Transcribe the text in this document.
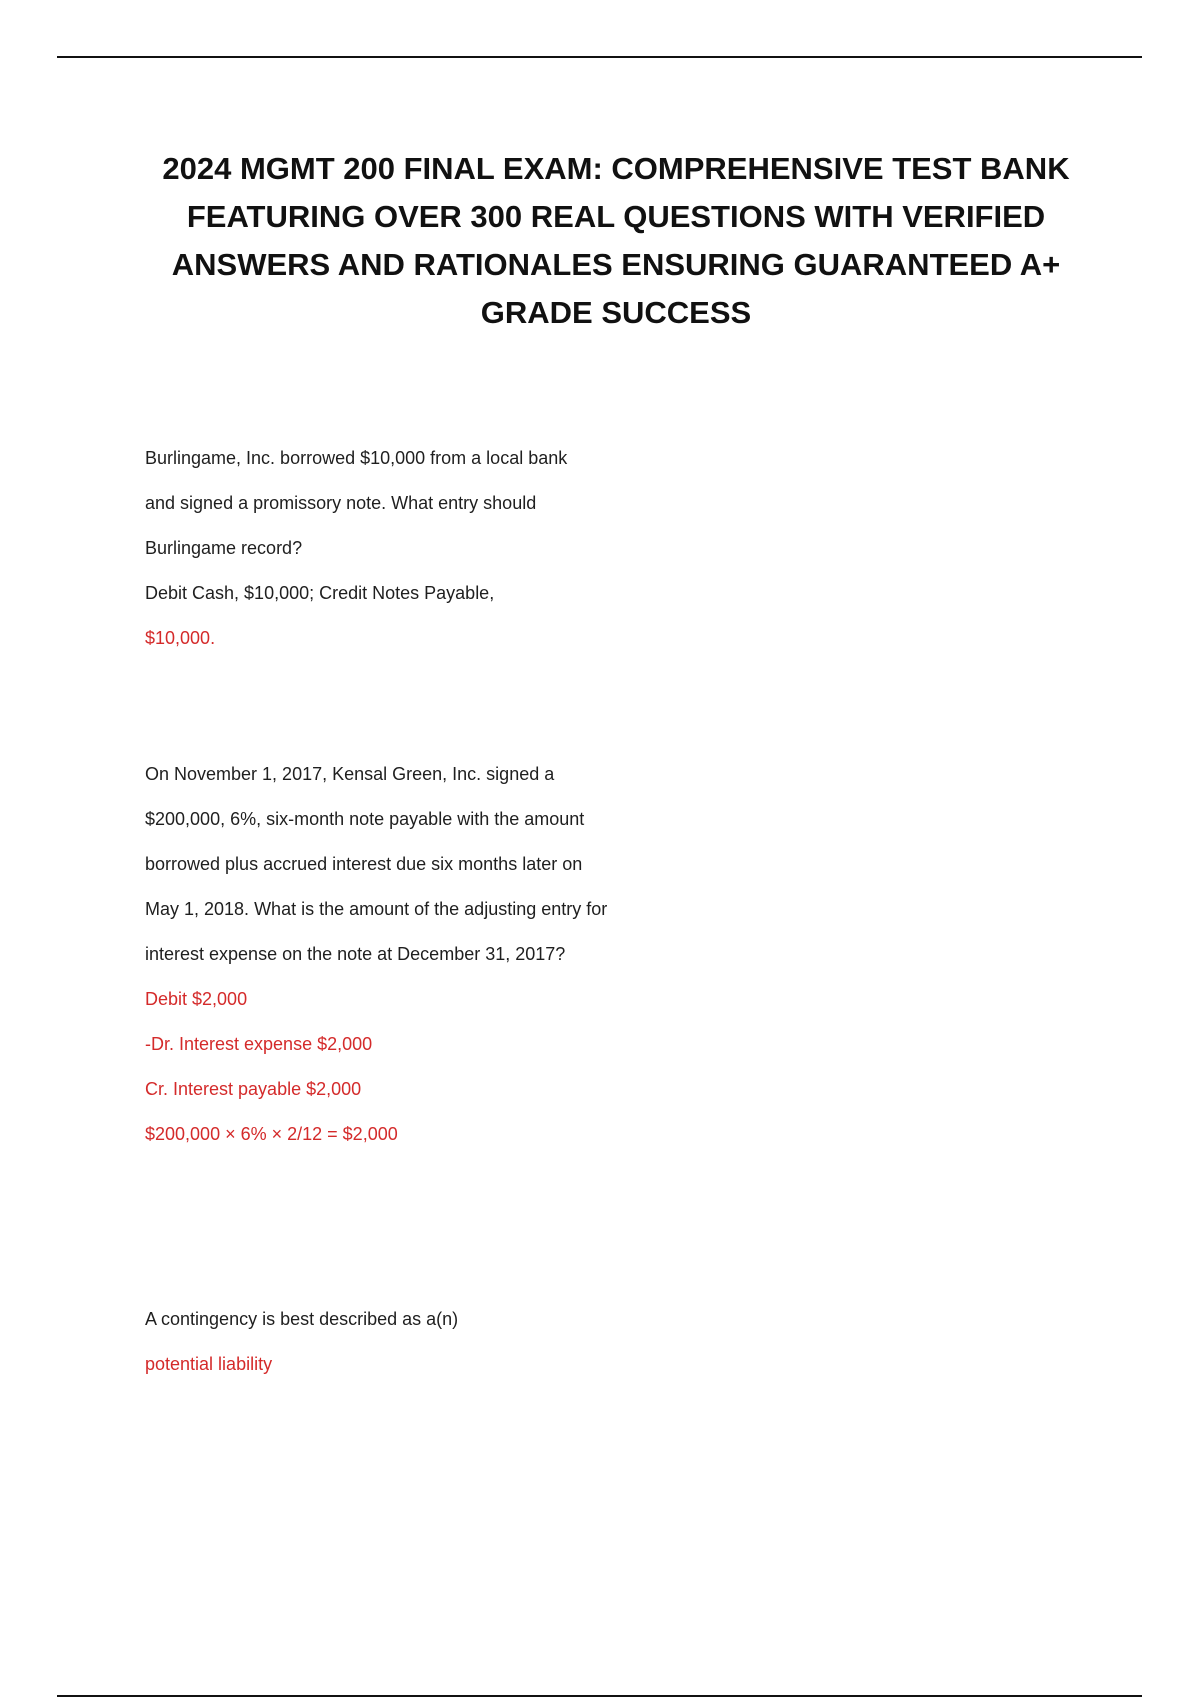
2024 MGMT 200 FINAL EXAM: COMPREHENSIVE TEST BANK FEATURING OVER 300 REAL QUESTIONS WITH VERIFIED ANSWERS AND RATIONALES ENSURING GUARANTEED A+ GRADE SUCCESS
Burlingame, Inc. borrowed $10,000 from a local bank
and signed a promissory note. What entry should
Burlingame record?
Debit Cash, $10,000; Credit Notes Payable,
$10,000.
On November 1, 2017, Kensal Green, Inc. signed a
$200,000, 6%, six-month note payable with the amount
borrowed plus accrued interest due six months later on
May 1, 2018. What is the amount of the adjusting entry for
interest expense on the note at December 31, 2017?
Debit $2,000
-Dr. Interest expense $2,000
Cr. Interest payable $2,000
$200,000 × 6% × 2/12 = $2,000
A contingency is best described as a(n)
potential liability
